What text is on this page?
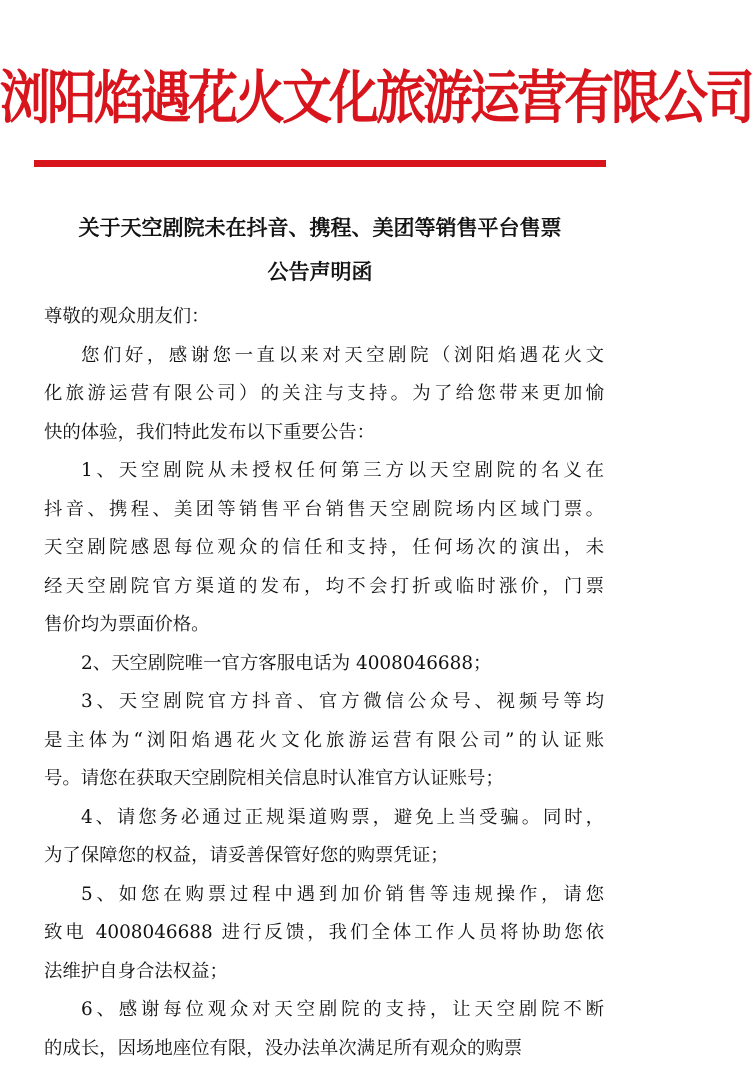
浏阳焰遇花火文化旅游运营有限公司
关于天空剧院未在抖音、携程、美团等销售平台售票
公告声明函
尊敬的观众朋友们：
您们好，感谢您一直以来对天空剧院（浏阳焰遇花火文
化旅游运营有限公司）的关注与支持。为了给您带来更加愉
快的体验，我们特此发布以下重要公告：
1、天空剧院从未授权任何第三方以天空剧院的名义在
抖音、携程、美团等销售平台销售天空剧院场内区域门票。
天空剧院感恩每位观众的信任和支持，任何场次的演出，未
经天空剧院官方渠道的发布，均不会打折或临时涨价，门票
售价均为票面价格。
2、天空剧院唯一官方客服电话为 4008046688；
3、天空剧院官方抖音、官方微信公众号、视频号等均
是主体为“浏阳焰遇花火文化旅游运营有限公司”的认证账
号。请您在获取天空剧院相关信息时认准官方认证账号；
4、请您务必通过正规渠道购票，避免上当受骗。同时，
为了保障您的权益，请妥善保管好您的购票凭证；
5、如您在购票过程中遇到加价销售等违规操作，请您
致电 4008046688 进行反馈，我们全体工作人员将协助您依
法维护自身合法权益；
6、感谢每位观众对天空剧院的支持，让天空剧院不断
的成长，因场地座位有限，没办法单次满足所有观众的购票
